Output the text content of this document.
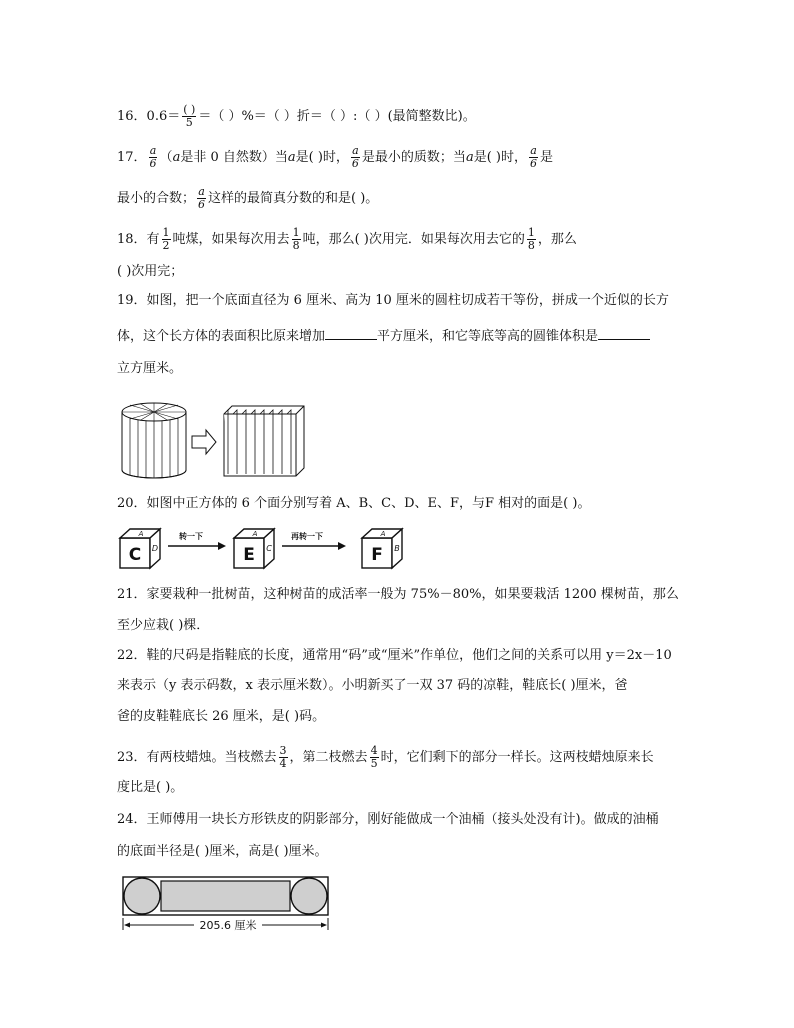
16．$0.6= \frac{( )}{5}$ ＝（ ）%＝（ ）折＝（ ）:（ ）(最简整数比)。
17． $\frac{a}{6} (a$是非 0 自然数）当a是( )时， $\frac{a}{6}$ 是最小的质数；当a是( )时， $\frac{a}{6}$ 是
最小的合数； $\frac{a}{6}$ 这样的最简真分数的和是( )。
18．有 $\frac{1}{2}$ 吨煤，如果每次用去 $\frac{1}{8}$ 吨，那么( )次用完．如果每次用去它的 $\frac{1}{8}$ ，那么
( )次用完；
19．如图，把一个底面直径为 6 厘米、高为 10 厘米的圆柱切成若干等份，拼成一个近似的长方
体，这个长方体的表面积比原来增加	平方厘米，和它等底等高的圆锥体积是
立方厘米。
20．如图中正方体的 6 个面分别写着 A、B、C、D、E、F，与F 相对的面是( )。
C
A
D
转一下
E
A
C
再转一下
F
A
B
21．家要栽种一批树苗，这种树苗的成活率一般为 75%－80%，如果要栽活 1200 棵树苗，那么
至少应栽( )棵．
22．鞋的尺码是指鞋底的长度，通常用“码”或“厘米”作单位，他们之间的关系可以用 y＝2x－10
来表示（y 表示码数，x 表示厘米数）。小明新买了一双 37 码的凉鞋，鞋底长( )厘米，爸
爸的皮鞋鞋底长 26 厘米，是( )码。
23．有两枝蜡烛。当枝燃去 $\frac{3}{4}$ ，第二枝燃去 $\frac{4}{5}$ 时，它们剩下的部分一样长。这两枝蜡烛原来长
度比是( )。
24．王师傅用一块长方形铁皮的阴影部分，刚好能做成一个油桶（接头处没有计)。做成的油桶
的底面半径是( )厘米，高是( )厘米。
205.6 厘米
